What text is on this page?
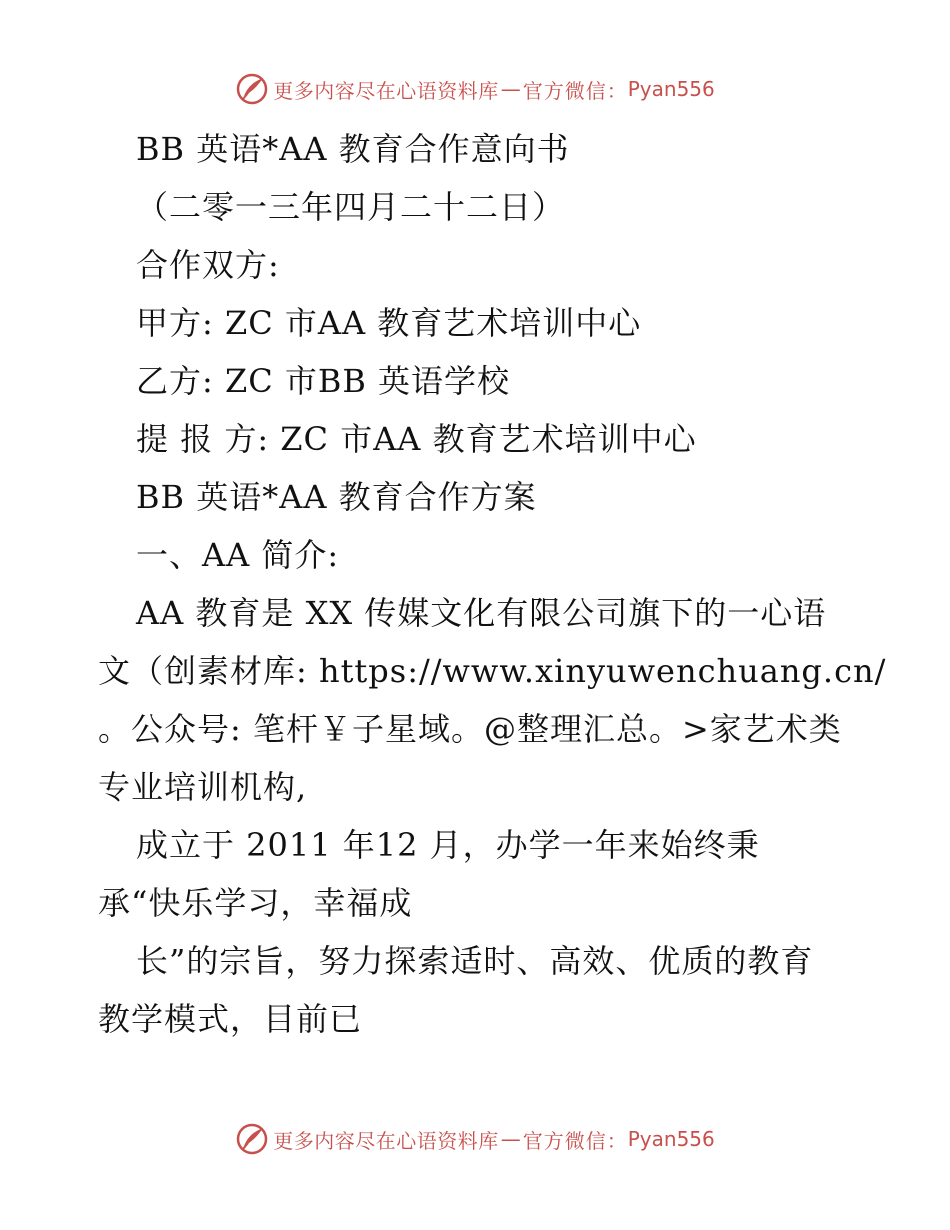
更多内容尽在心语资料库 — 官方微信： Pyan556
BB 英语*AA 教育合作意向书
（二零一三年四月二十二日）
合作双方:
甲方: ZC 市AA 教育艺术培训中心
乙方: ZC 市BB 英语学校
提 报 方: ZC 市AA 教育艺术培训中心
BB 英语*AA 教育合作方案
一、AA 简介:
AA 教育是 XX 传媒文化有限公司旗下的一心语
文（创素材库: https://www.xinyuwenchuang.cn/
。公众号: 笔杆￥子星域。@整理汇总。>家艺术类
专业培训机构,
成立于 2011 年12 月，办学一年来始终秉
承“快乐学习，幸福成
长”的宗旨，努力探索适时、高效、优质的教育
教学模式，目前已
更多内容尽在心语资料库 — 官方微信： Pyan556
